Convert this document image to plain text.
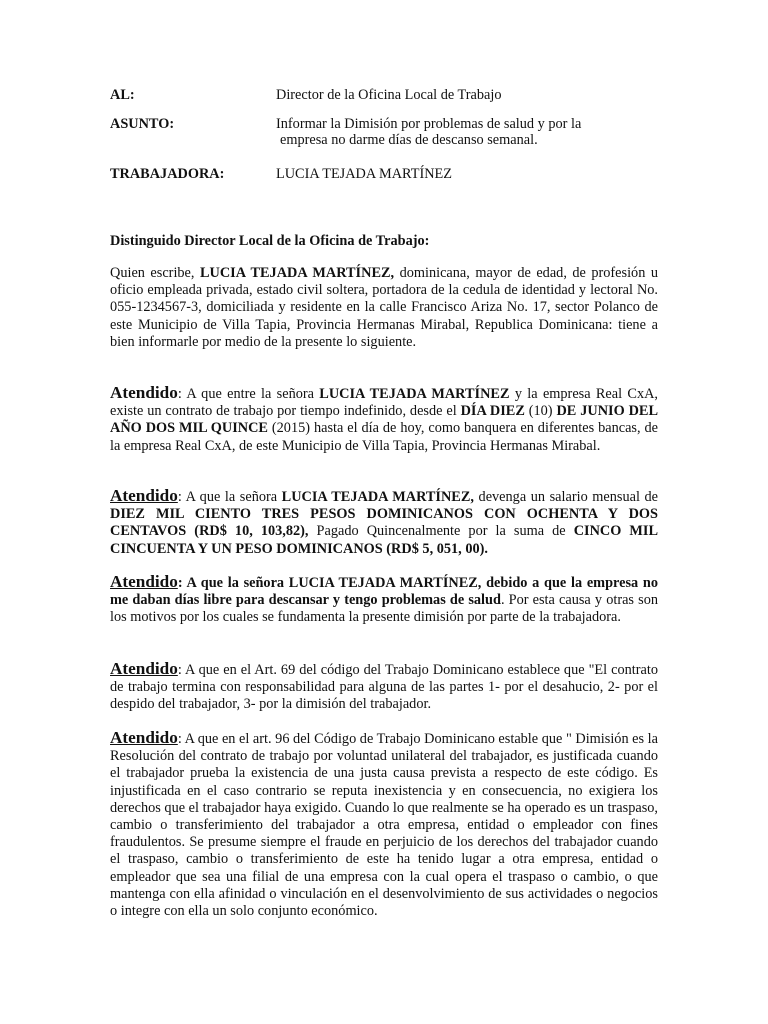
AL:	Director de la Oficina Local de Trabajo
ASUNTO:	Informar la Dimisión por problemas de salud y por la
empresa no darme días de descanso semanal.
TRABAJADORA:	LUCIA TEJADA MARTÍNEZ
Distinguido Director Local de la Oficina de Trabajo:
Quien escribe, LUCIA TEJADA MARTÍNEZ, dominicana, mayor de edad, de profesión u oficio empleada privada, estado civil soltera, portadora de la cedula de identidad y lectoral No. 055-1234567-3, domiciliada y residente en la calle Francisco Ariza No. 17, sector Polanco de este Municipio de Villa Tapia, Provincia Hermanas Mirabal, Republica Dominicana: tiene a bien informarle por medio de la presente lo siguiente.
Atendido: A que entre la señora LUCIA TEJADA MARTÍNEZ y la empresa Real CxA, existe un contrato de trabajo por tiempo indefinido, desde el DÍA DIEZ (10) DE JUNIO DEL AÑO DOS MIL QUINCE (2015) hasta el día de hoy, como banquera en diferentes bancas, de la empresa Real CxA, de este Municipio de Villa Tapia, Provincia Hermanas Mirabal.
Atendido: A que la señora LUCIA TEJADA MARTÍNEZ, devenga un salario mensual de DIEZ MIL CIENTO TRES PESOS DOMINICANOS CON OCHENTA Y DOS CENTAVOS (RD$ 10, 103,82), Pagado Quincenalmente por la suma de CINCO MIL CINCUENTA Y UN PESO DOMINICANOS (RD$ 5, 051, 00).
Atendido: A que la señora LUCIA TEJADA MARTÍNEZ, debido a que la empresa no me daban días libre para descansar y tengo problemas de salud. Por esta causa y otras son los motivos por los cuales se fundamenta la presente dimisión por parte de la trabajadora.
Atendido: A que en el Art. 69 del código del Trabajo Dominicano establece que "El contrato de trabajo termina con responsabilidad para alguna de las partes 1- por el desahucio, 2- por el despido del trabajador, 3- por la dimisión del trabajador.
Atendido: A que en el art. 96 del Código de Trabajo Dominicano estable que " Dimisión es la Resolución del contrato de trabajo por voluntad unilateral del trabajador, es justificada cuando el trabajador prueba la existencia de una justa causa prevista a respecto de este código. Es injustificada en el caso contrario se reputa inexistencia y en consecuencia, no exigiera los derechos que el trabajador haya exigido. Cuando lo que realmente se ha operado es un traspaso, cambio o transferimiento del trabajador a otra empresa, entidad o empleador con fines fraudulentos. Se presume siempre el fraude en perjuicio de los derechos del trabajador cuando el traspaso, cambio o transferimiento de este ha tenido lugar a otra empresa, entidad o empleador que sea una filial de una empresa con la cual opera el traspaso o cambio, o que mantenga con ella afinidad o vinculación en el desenvolvimiento de sus actividades o negocios o integre con ella un solo conjunto económico.
